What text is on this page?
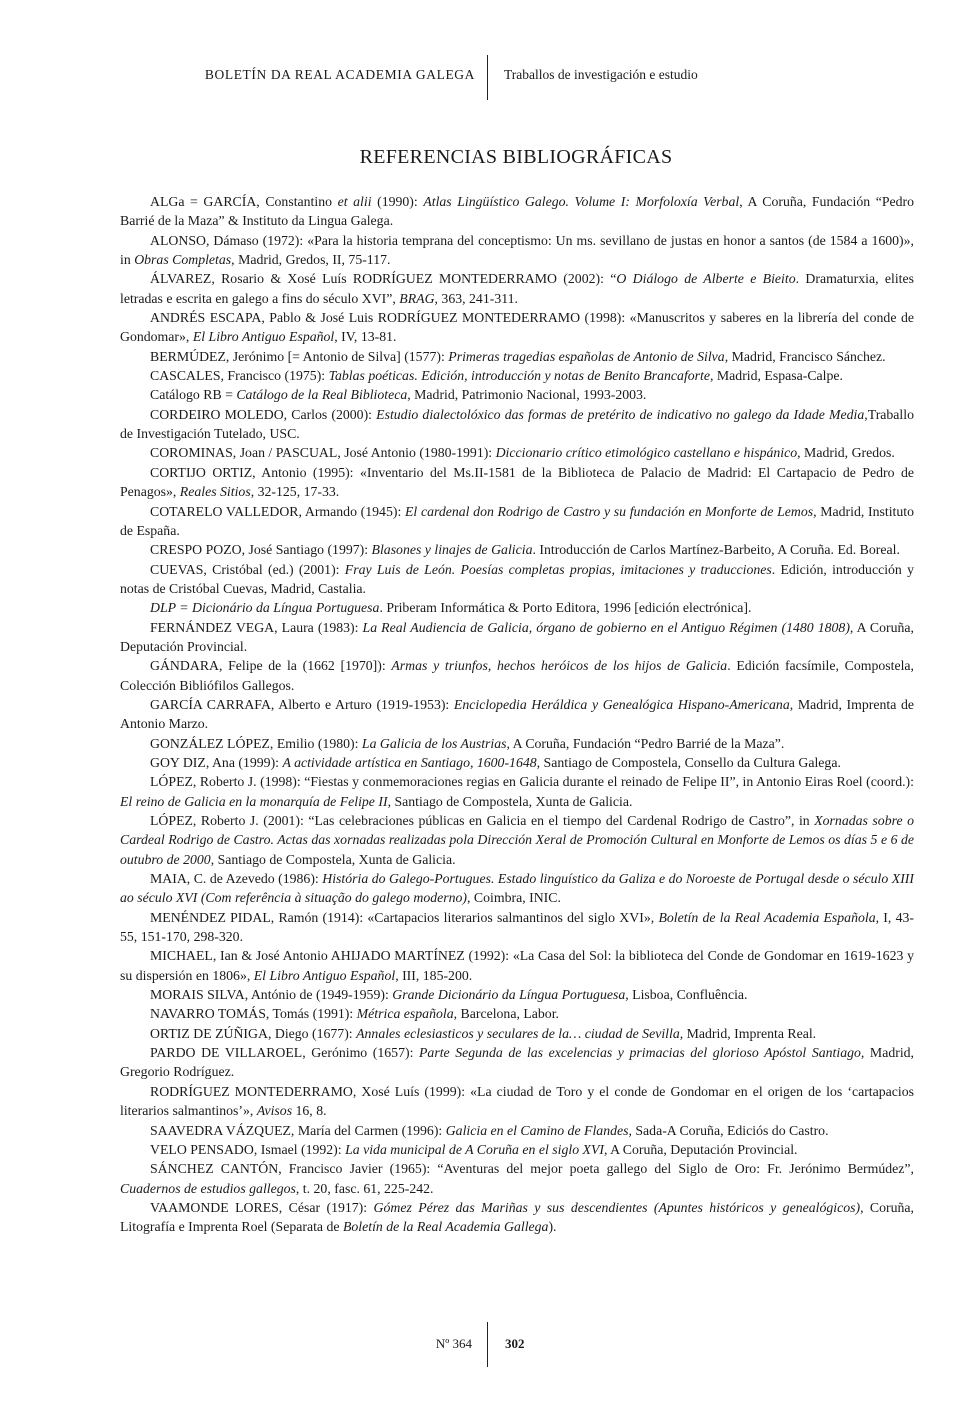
BOLETÍN DA REAL ACADEMIA GALEGA Traballos de investigación e estudio
REFERENCIAS BIBLIOGRÁFICAS

ALGa = GARCÍA, Constantino et alii (1990): Atlas Lingüístico Galego. Volume I: Morfoloxía Verbal, A Coruña, Fundación “Pedro Barrié de la Maza” & Instituto da Lingua Galega.

ALONSO, Dámaso (1972): «Para la historia temprana del conceptismo: Un ms. sevillano de justas en honor a santos (de 1584 a 1600)», in Obras Completas, Madrid, Gredos, II, 75-117.

ÁLVAREZ, Rosario & Xosé Luís RODRÍGUEZ MONTEDERRAMO (2002): “O Diálogo de Alberte e Bieito. Dramaturxia, elites letradas e escrita en galego a fins do século XVI”, BRAG, 363, 241-311.

ANDRÉS ESCAPA, Pablo & José Luis RODRÍGUEZ MONTEDERRAMO (1998): «Manuscritos y saberes en la librería del conde de Gondomar», El Libro Antiguo Español, IV, 13-81.

BERMÚDEZ, Jerónimo [= Antonio de Silva] (1577): Primeras tragedias españolas de Antonio de Silva, Madrid, Francisco Sánchez.

CASCALES, Francisco (1975): Tablas poéticas. Edición, introducción y notas de Benito Brancaforte, Madrid, Espasa-Calpe.

Catálogo RB = Catálogo de la Real Biblioteca, Madrid, Patrimonio Nacional, 1993-2003.

CORDEIRO MOLEDO, Carlos (2000): Estudio dialectolóxico das formas de pretérito de indicativo no galego da Idade Media,Traballo de Investigación Tutelado, USC.

COROMINAS, Joan / PASCUAL, José Antonio (1980-1991): Diccionario crítico etimológico castellano e hispánico, Madrid, Gredos.

CORTIJO ORTIZ, Antonio (1995): «Inventario del Ms.II-1581 de la Biblioteca de Palacio de Madrid: El Cartapacio de Pedro de Penagos», Reales Sitios, 32-125, 17-33.

COTARELO VALLEDOR, Armando (1945): El cardenal don Rodrigo de Castro y su fundación en Monforte de Lemos, Madrid, Instituto de España.

CRESPO POZO, José Santiago (1997): Blasones y linajes de Galicia. Introducción de Carlos Martínez-Barbeito, A Coruña. Ed. Boreal.

CUEVAS, Cristóbal (ed.) (2001): Fray Luis de León. Poesías completas propias, imitaciones y traducciones. Edición, introducción y notas de Cristóbal Cuevas, Madrid, Castalia.

DLP = Dicionário da Língua Portuguesa. Priberam Informática & Porto Editora, 1996 [edición electrónica].

FERNÁNDEZ VEGA, Laura (1983): La Real Audiencia de Galicia, órgano de gobierno en el Antiguo Régimen (1480 1808), A Coruña, Deputación Provincial.

GÁNDARA, Felipe de la (1662 [1970]): Armas y triunfos, hechos heróicos de los hijos de Galicia. Edición facsímile, Compostela, Colección Bibliófilos Gallegos.

GARCÍA CARRAFA, Alberto e Arturo (1919-1953): Enciclopedia Heráldica y Genealógica Hispano-Americana, Madrid, Imprenta de Antonio Marzo.

GONZÁLEZ LÓPEZ, Emilio (1980): La Galicia de los Austrias, A Coruña, Fundación “Pedro Barrié de la Maza”.

GOY DIZ, Ana (1999): A actividade artística en Santiago, 1600-1648, Santiago de Compostela, Consello da Cultura Galega.

LÓPEZ, Roberto J. (1998): “Fiestas y conmemoraciones regias en Galicia durante el reinado de Felipe II”, in Antonio Eiras Roel (coord.): El reino de Galicia en la monarquía de Felipe II, Santiago de Compostela, Xunta de Galicia.

LÓPEZ, Roberto J. (2001): “Las celebraciones públicas en Galicia en el tiempo del Cardenal Rodrigo de Castro”, in Xornadas sobre o Cardeal Rodrigo de Castro. Actas das xornadas realizadas pola Dirección Xeral de Promoción Cultural en Monforte de Lemos os días 5 e 6 de outubro de 2000, Santiago de Compostela, Xunta de Galicia.

MAIA, C. de Azevedo (1986): História do Galego-Portugues. Estado linguístico da Galiza e do Noroeste de Portugal desde o século XIII ao século XVI (Com referência à situação do galego moderno), Coimbra, INIC.

MENÉNDEZ PIDAL, Ramón (1914): «Cartapacios literarios salmantinos del siglo XVI», Boletín de la Real Academia Española, I, 43-55, 151-170, 298-320.

MICHAEL, Ian & José Antonio AHIJADO MARTÍNEZ (1992): «La Casa del Sol: la biblioteca del Conde de Gondomar en 1619-1623 y su dispersión en 1806», El Libro Antiguo Español, III, 185-200.

MORAIS SILVA, António de (1949-1959): Grande Dicionário da Língua Portuguesa, Lisboa, Confluência.

NAVARRO TOMÁS, Tomás (1991): Métrica española, Barcelona, Labor.

ORTIZ DE ZÚÑIGA, Diego (1677): Annales eclesiasticos y seculares de la… ciudad de Sevilla, Madrid, Imprenta Real.

PARDO DE VILLAROEL, Gerónimo (1657): Parte Segunda de las excelencias y primacias del glorioso Apóstol Santiago, Madrid, Gregorio Rodríguez.

RODRÍGUEZ MONTEDERRAMO, Xosé Luís (1999): «La ciudad de Toro y el conde de Gondomar en el origen de los ‘cartapacios literarios salmantinos’», Avisos 16, 8.

SAAVEDRA VÁZQUEZ, María del Carmen (1996): Galicia en el Camino de Flandes, Sada-A Coruña, Ediciós do Castro.

VELO PENSADO, Ismael (1992): La vida municipal de A Coruña en el siglo XVI, A Coruña, Deputación Provincial.

SÁNCHEZ CANTÓN, Francisco Javier (1965): “Aventuras del mejor poeta gallego del Siglo de Oro: Fr. Jerónimo Bermúdez”, Cuadernos de estudios gallegos, t. 20, fasc. 61, 225-242.

VAAMONDE LORES, César (1917): Gómez Pérez das Mariñas y sus descendientes (Apuntes históricos y genealógicos), Coruña, Litografía e Imprenta Roel (Separata de Boletín de la Real Academia Gallega).

Nº 364	302
